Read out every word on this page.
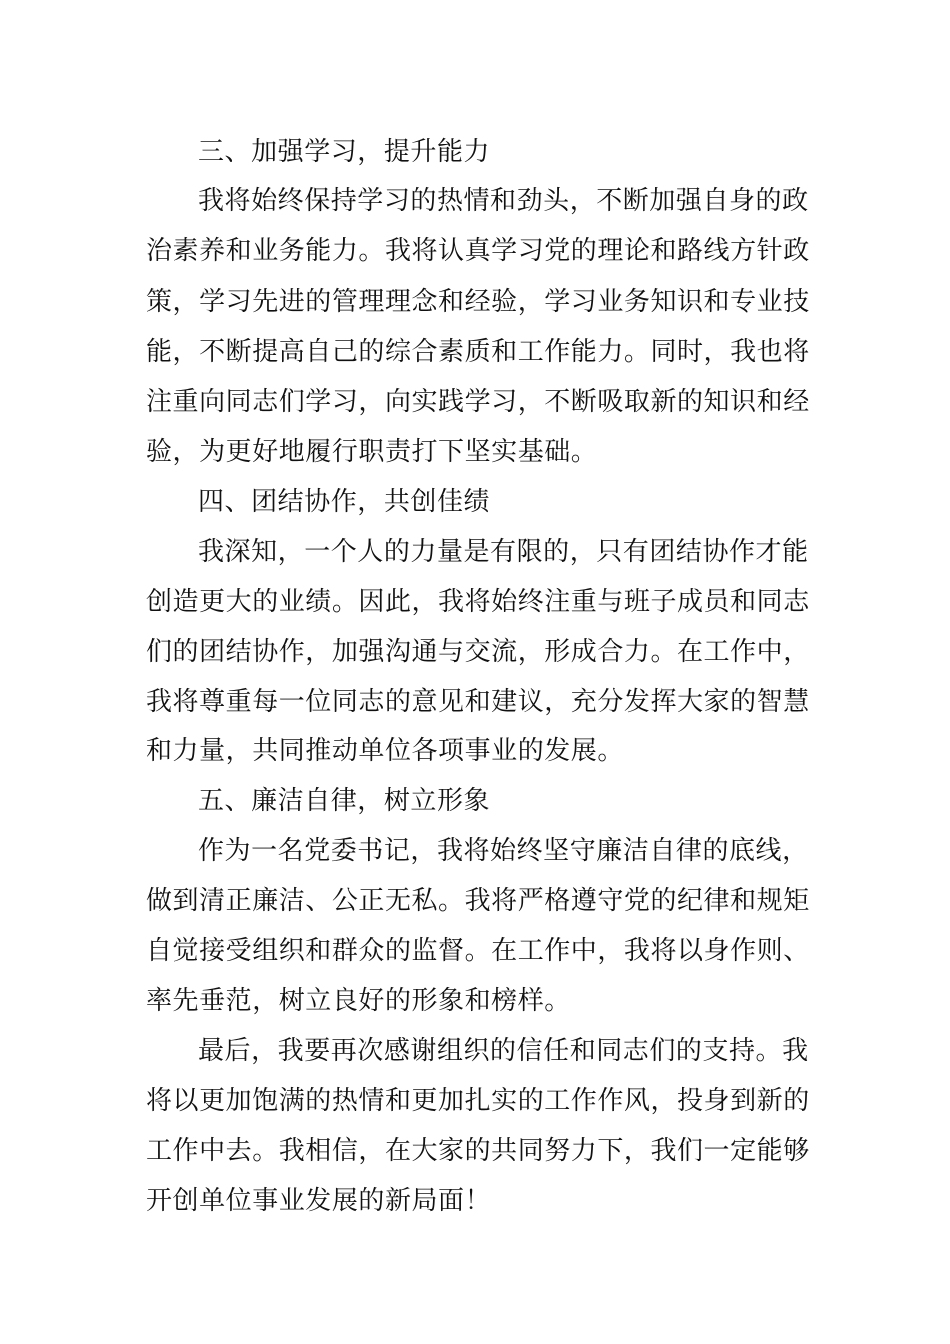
三、加强学习，提升能力
我将始终保持学习的热情和劲头，不断加强自身的政
治素养和业务能力。我将认真学习党的理论和路线方针政
策，学习先进的管理理念和经验，学习业务知识和专业技
能，不断提高自己的综合素质和工作能力。同时，我也将
注重向同志们学习，向实践学习，不断吸取新的知识和经
验，为更好地履行职责打下坚实基础。
四、团结协作，共创佳绩
我深知，一个人的力量是有限的，只有团结协作才能
创造更大的业绩。因此，我将始终注重与班子成员和同志
们的团结协作，加强沟通与交流，形成合力。在工作中，
我将尊重每一位同志的意见和建议，充分发挥大家的智慧
和力量，共同推动单位各项事业的发展。
五、廉洁自律，树立形象
作为一名党委书记，我将始终坚守廉洁自律的底线，
做到清正廉洁、公正无私。我将严格遵守党的纪律和规矩
自觉接受组织和群众的监督。在工作中，我将以身作则、
率先垂范，树立良好的形象和榜样。
最后，我要再次感谢组织的信任和同志们的支持。我
将以更加饱满的热情和更加扎实的工作作风，投身到新的
工作中去。我相信，在大家的共同努力下，我们一定能够
开创单位事业发展的新局面！
